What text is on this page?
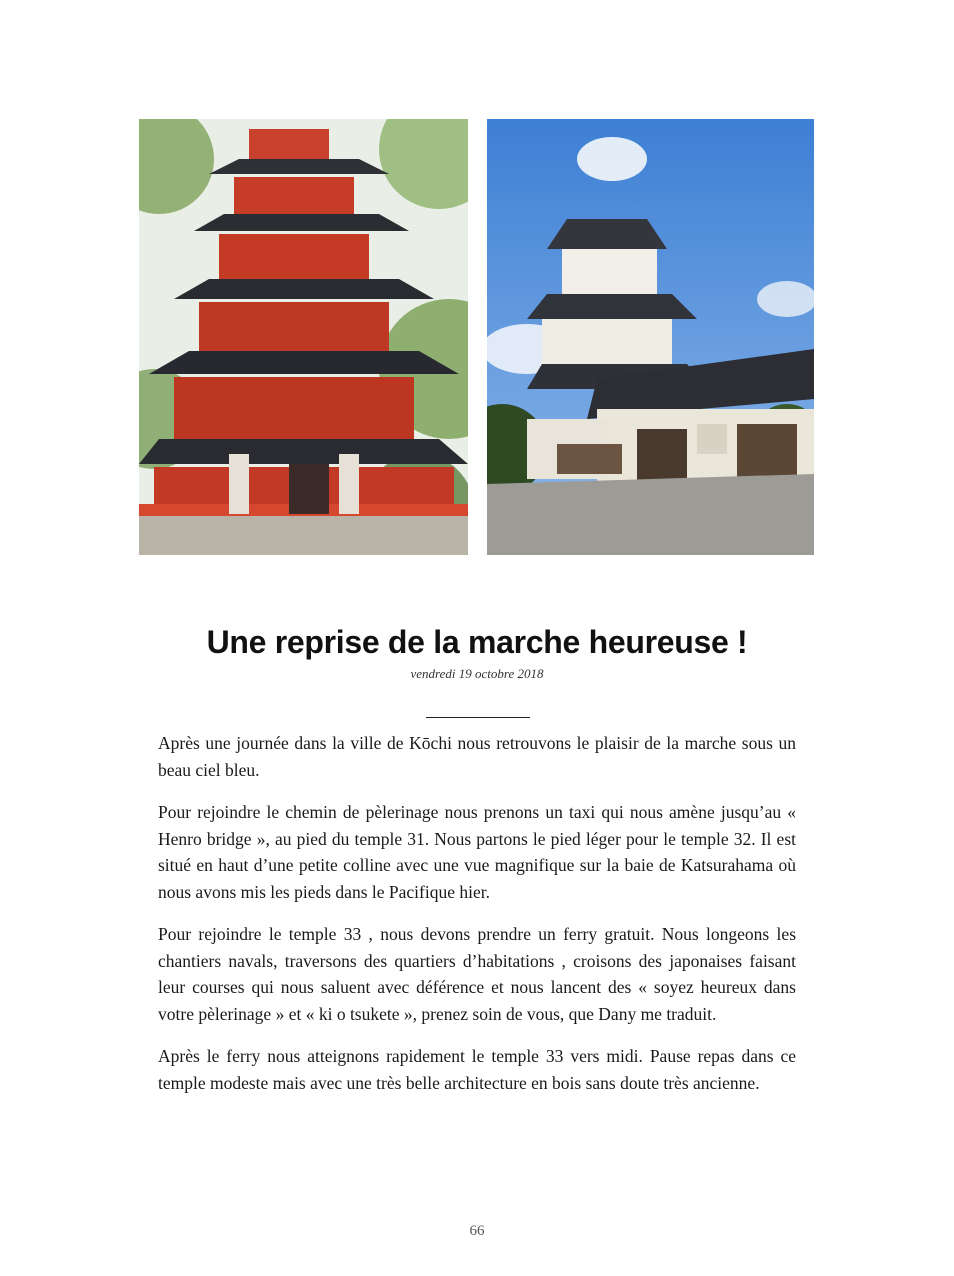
Une reprise de la marche heureuse !
vendredi 19 octobre 2018

Après une journée dans la ville de Kōchi nous retrouvons le plaisir de la marche sous un beau ciel bleu.

Pour rejoindre le chemin de pèlerinage nous prenons un taxi qui nous amène jusqu’au « Henro bridge », au pied du temple 31. Nous partons le pied léger pour le temple 32. Il est situé en haut d’une petite colline avec une vue magnifique sur la baie de Katsurahama où nous avons mis les pieds dans le Pacifique hier.

Pour rejoindre le temple 33 , nous devons prendre un ferry gratuit. Nous longeons les chantiers navals, traversons des quartiers d’habitations , croisons des japonaises faisant leur courses qui nous saluent avec déférence et nous lancent des « soyez heureux dans votre pèlerinage » et « ki o tsukete », prenez soin de vous, que Dany me traduit.

Après le ferry nous atteignons rapidement le temple 33 vers midi. Pause repas dans ce temple modeste mais avec une très belle architecture en bois sans doute très ancienne.

66
